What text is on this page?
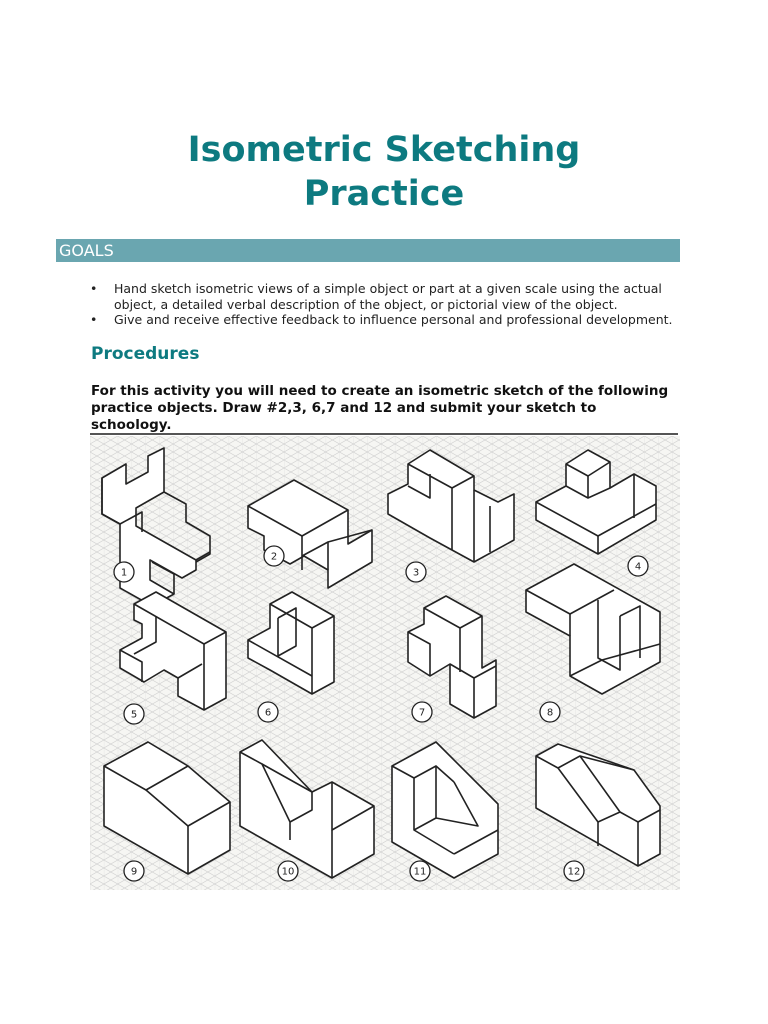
Isometric Sketching
Practice
GOALS
• Hand sketch isometric views of a simple object or part at a given scale using the actual object, a detailed verbal description of the object, or pictorial view of the object.
• Give and receive effective feedback to influence personal and professional development.
Procedures
For this activity you will need to create an isometric sketch of the following practice objects. Draw #2,3, 6,7 and 12 and submit your sketch to schoology.
1
2
3
4
5	6	7	8
9	10	11	12
